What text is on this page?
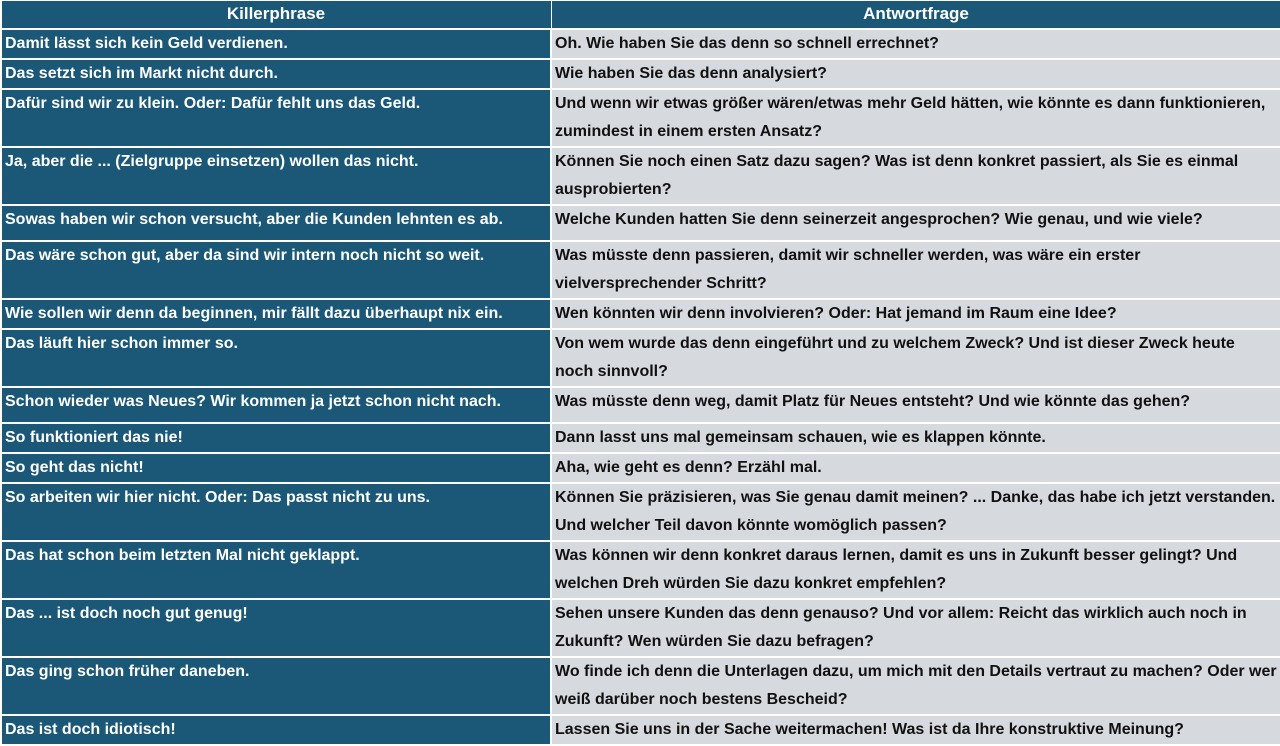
Killerphrase	Antwortfrage
Damit lässt sich kein Geld verdienen.	Oh. Wie haben Sie das denn so schnell errechnet?
Das setzt sich im Markt nicht durch.	Wie haben Sie das denn analysiert?
Dafür sind wir zu klein. Oder: Dafür fehlt uns das Geld.	Und wenn wir etwas größer wären/etwas mehr Geld hätten, wie könnte es dann funktionieren, zumindest in einem ersten Ansatz?
Ja, aber die ... (Zielgruppe einsetzen) wollen das nicht.	Können Sie noch einen Satz dazu sagen? Was ist denn konkret passiert, als Sie es einmal ausprobierten?
Sowas haben wir schon versucht, aber die Kunden lehnten es ab.	Welche Kunden hatten Sie denn seinerzeit angesprochen? Wie genau, und wie viele?
Das wäre schon gut, aber da sind wir intern noch nicht so weit.	Was müsste denn passieren, damit wir schneller werden, was wäre ein erster vielversprechender Schritt?
Wie sollen wir denn da beginnen, mir fällt dazu überhaupt nix ein.	Wen könnten wir denn involvieren? Oder: Hat jemand im Raum eine Idee?
Das läuft hier schon immer so.	Von wem wurde das denn eingeführt und zu welchem Zweck? Und ist dieser Zweck heute noch sinnvoll?
Schon wieder was Neues? Wir kommen ja jetzt schon nicht nach.	Was müsste denn weg, damit Platz für Neues entsteht? Und wie könnte das gehen?
So funktioniert das nie!	Dann lasst uns mal gemeinsam schauen, wie es klappen könnte.
So geht das nicht!	Aha, wie geht es denn? Erzähl mal.
So arbeiten wir hier nicht. Oder: Das passt nicht zu uns.	Können Sie präzisieren, was Sie genau damit meinen? ... Danke, das habe ich jetzt verstanden. Und welcher Teil davon könnte womöglich passen?
Das hat schon beim letzten Mal nicht geklappt.	Was können wir denn konkret daraus lernen, damit es uns in Zukunft besser gelingt? Und welchen Dreh würden Sie dazu konkret empfehlen?
Das ... ist doch noch gut genug!	Sehen unsere Kunden das denn genauso? Und vor allem: Reicht das wirklich auch noch in Zukunft? Wen würden Sie dazu befragen?
Das ging schon früher daneben.	Wo finde ich denn die Unterlagen dazu, um mich mit den Details vertraut zu machen? Oder wer weiß darüber noch bestens Bescheid?
Das ist doch idiotisch!	Lassen Sie uns in der Sache weitermachen! Was ist da Ihre konstruktive Meinung?
